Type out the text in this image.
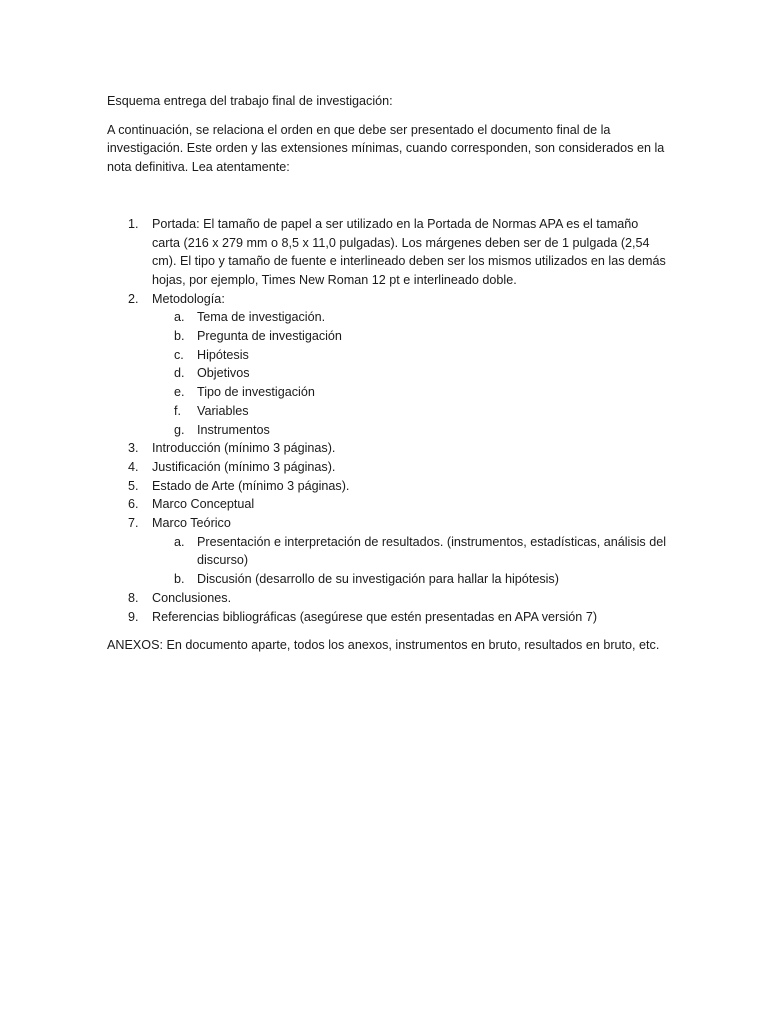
Esquema entrega del trabajo final de investigación:

A continuación, se relaciona el orden en que debe ser presentado el documento final de la investigación. Este orden y las extensiones mínimas, cuando corresponden, son considerados en la nota definitiva. Lea atentamente:

1. Portada: El tamaño de papel a ser utilizado en la Portada de Normas APA es el tamaño carta (216 x 279 mm o 8,5 x 11,0 pulgadas). Los márgenes deben ser de 1 pulgada (2,54 cm). El tipo y tamaño de fuente e interlineado deben ser los mismos utilizados en las demás hojas, por ejemplo, Times New Roman 12 pt e interlineado doble.
2. Metodología:
a. Tema de investigación.
b. Pregunta de investigación
c. Hipótesis
d. Objetivos
e. Tipo de investigación
f. Variables
g. Instrumentos
3. Introducción (mínimo 3 páginas).
4. Justificación (mínimo 3 páginas).
5. Estado de Arte (mínimo 3 páginas).
6. Marco Conceptual
7. Marco Teórico
a. Presentación e interpretación de resultados. (instrumentos, estadísticas, análisis del discurso)
b. Discusión (desarrollo de su investigación para hallar la hipótesis)
8. Conclusiones.
9. Referencias bibliográficas (asegúrese que estén presentadas en APA versión 7)

ANEXOS: En documento aparte, todos los anexos, instrumentos en bruto, resultados en bruto, etc.
